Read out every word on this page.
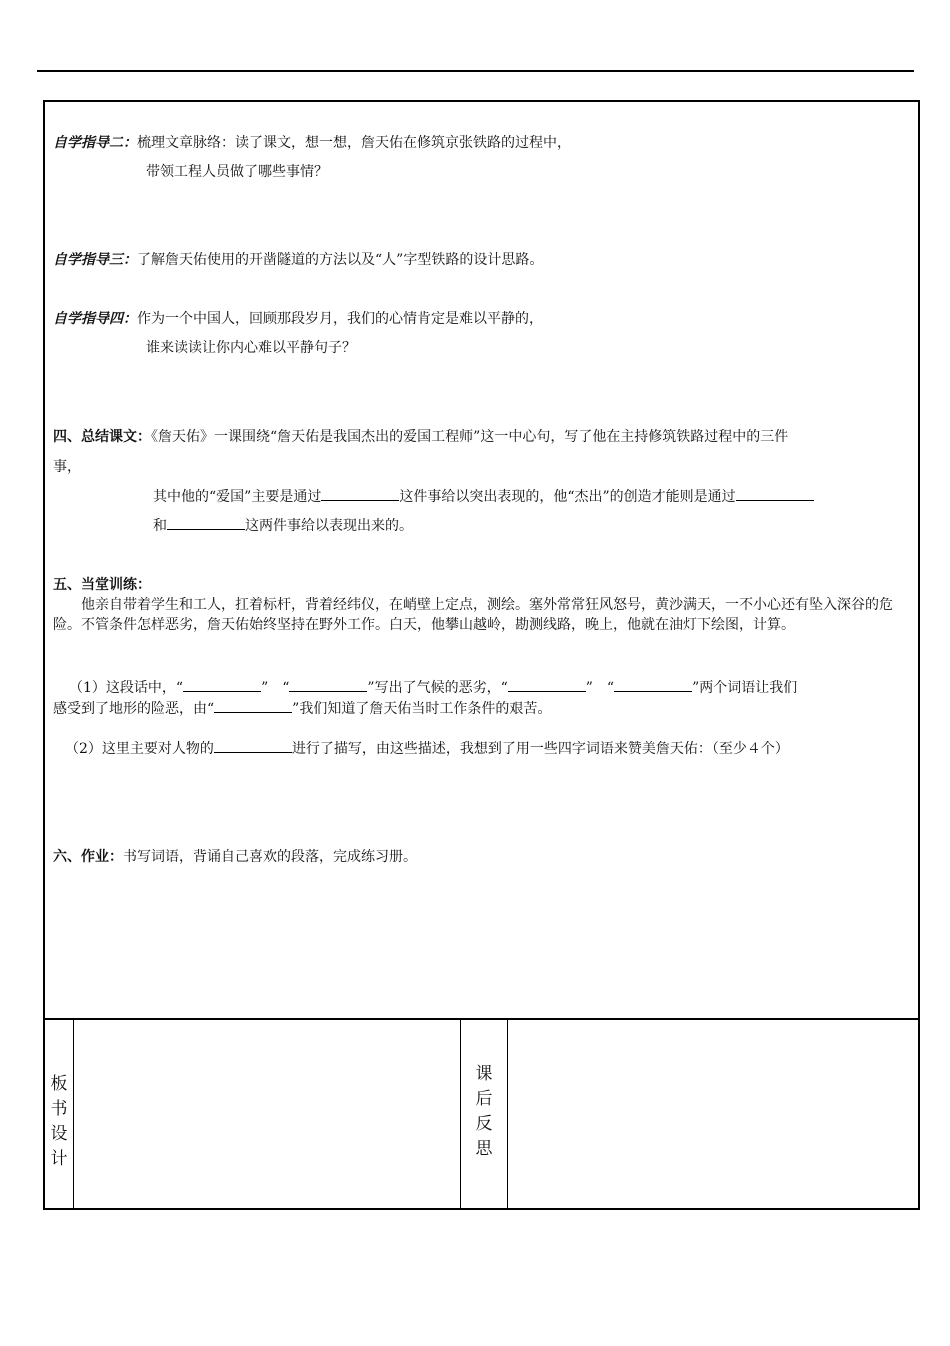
自学指导二：梳理文章脉络：读了课文，想一想，詹天佑在修筑京张铁路的过程中，
带领工程人员做了哪些事情？
自学指导三：了解詹天佑使用的开凿隧道的方法以及“人”字型铁路的设计思路。
自学指导四：作为一个中国人，回顾那段岁月，我们的心情肯定是难以平静的，
谁来读读让你内心难以平静句子？
四、总结课文：《詹天佑》一课围绕“詹天佑是我国杰出的爱国工程师”这一中心句，写了他在主持修筑铁路过程中的三件
事，
其中他的“爱国”主要是通过	这件事给以突出表现的，他“杰出”的创造才能则是通过
和	这两件事给以表现出来的。
五、当堂训练：
他亲自带着学生和工人，扛着标杆，背着经纬仪，在峭壁上定点，测绘。塞外常常狂风怒号，黄沙满天，一不小心还有坠入深谷的危险。不管条件怎样恶劣，詹天佑始终坚持在野外工作。白天，他攀山越岭，勘测线路，晚上，他就在油灯下绘图，计算。
（1）这段话中，“	”　“	”写出了气候的恶劣，“	”　“	”两个词语让我们
感受到了地形的险恶，由“	”我们知道了詹天佑当时工作条件的艰苦。
（2）这里主要对人物的	进行了描写，由这些描述，我想到了用一些四字词语来赞美詹天佑：（至少４个）
六、作业：书写词语，背诵自己喜欢的段落，完成练习册。
板书设计
课后反思
